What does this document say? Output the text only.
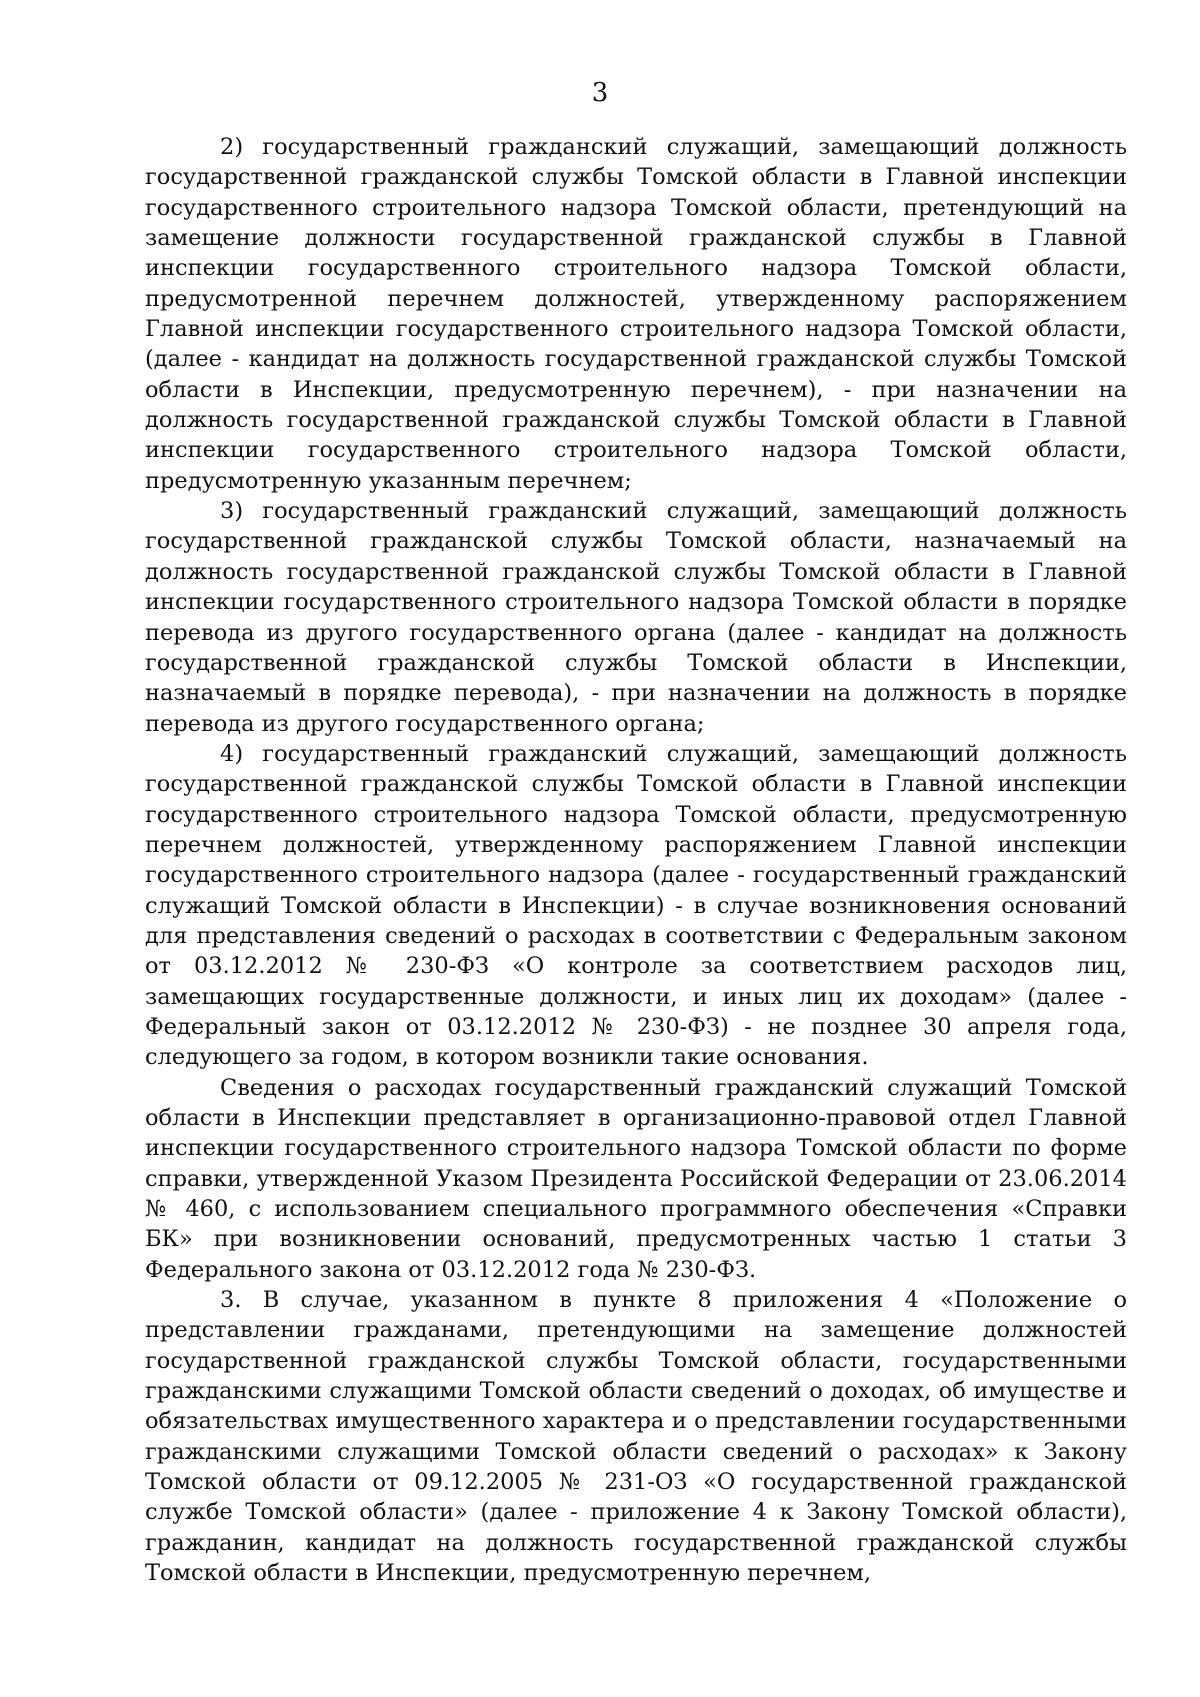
3

2) государственный гражданский служащий, замещающий должность государственной гражданской службы Томской области в Главной инспекции государственного строительного надзора Томской области, претендующий на замещение должности государственной гражданской службы в Главной инспекции государственного строительного надзора Томской области, предусмотренной перечнем должностей, утвержденному распоряжением Главной инспекции государственного строительного надзора Томской области, (далее - кандидат на должность государственной гражданской службы Томской области в Инспекции, предусмотренную перечнем), - при назначении на должность государственной гражданской службы Томской области в Главной инспекции государственного строительного надзора Томской области, предусмотренную указанным перечнем;

3) государственный гражданский служащий, замещающий должность государственной гражданской службы Томской области, назначаемый на должность государственной гражданской службы Томской области в Главной инспекции государственного строительного надзора Томской области в порядке перевода из другого государственного органа (далее - кандидат на должность государственной гражданской службы Томской области в Инспекции, назначаемый в порядке перевода), - при назначении на должность в порядке перевода из другого государственного органа;

4) государственный гражданский служащий, замещающий должность государственной гражданской службы Томской области в Главной инспекции государственного строительного надзора Томской области, предусмотренную перечнем должностей, утвержденному распоряжением Главной инспекции государственного строительного надзора (далее - государственный гражданский служащий Томской области в Инспекции) - в случае возникновения оснований для представления сведений о расходах в соответствии с Федеральным законом от 03.12.2012 № 230-ФЗ «О контроле за соответствием расходов лиц, замещающих государственные должности, и иных лиц их доходам» (далее - Федеральный закон от 03.12.2012 № 230-ФЗ) - не позднее 30 апреля года, следующего за годом, в котором возникли такие основания.

Сведения о расходах государственный гражданский служащий Томской области в Инспекции представляет в организационно-правовой отдел Главной инспекции государственного строительного надзора Томской области по форме справки, утвержденной Указом Президента Российской Федерации от 23.06.2014 № 460, с использованием специального программного обеспечения «Справки БК» при возникновении оснований, предусмотренных частью 1 статьи 3 Федерального закона от 03.12.2012 года № 230-ФЗ.

3. В случае, указанном в пункте 8 приложения 4 «Положение о представлении гражданами, претендующими на замещение должностей государственной гражданской службы Томской области, государственными гражданскими служащими Томской области сведений о доходах, об имуществе и обязательствах имущественного характера и о представлении государственными гражданскими служащими Томской области сведений о расходах» к Закону Томской области от 09.12.2005 № 231-ОЗ «О государственной гражданской службе Томской области» (далее - приложение 4 к Закону Томской области), гражданин, кандидат на должность государственной гражданской службы Томской области в Инспекции, предусмотренную перечнем,
